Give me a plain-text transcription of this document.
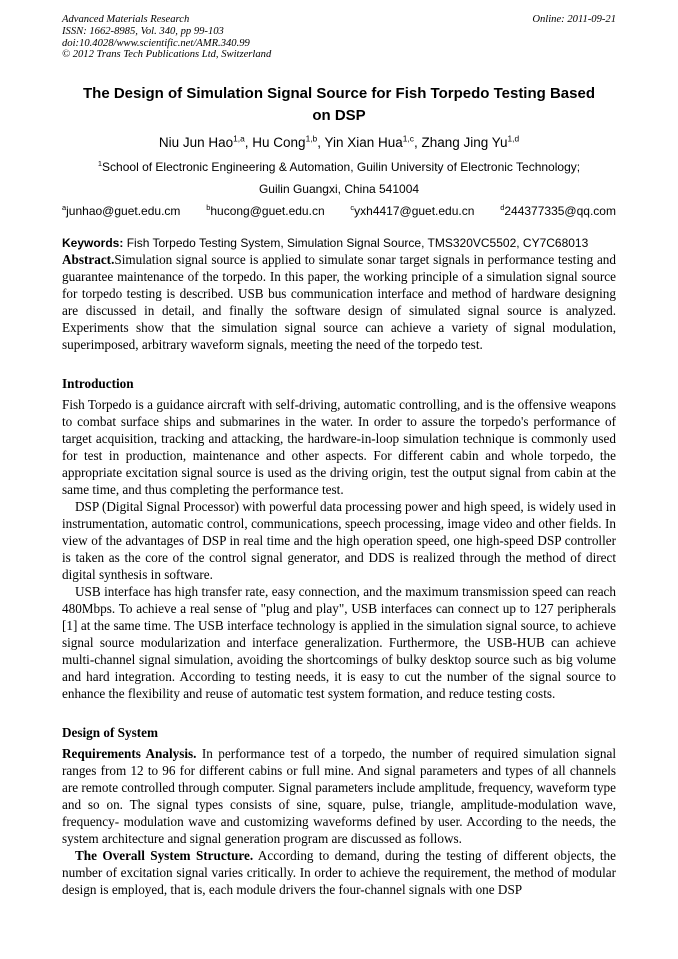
Advanced Materials Research	Online: 2011-09-21
ISSN: 1662-8985, Vol. 340, pp 99-103
doi:10.4028/www.scientific.net/AMR.340.99
© 2012 Trans Tech Publications Ltd, Switzerland
The Design of Simulation Signal Source for Fish Torpedo Testing Based
on DSP
Niu Jun Hao$^{1,a}$, Hu Cong$^{1,b}$, Yin Xian Hua$^{1,c}$, Zhang Jing Yu$^{1,d}$
$^1$School of Electronic Engineering & Automation, Guilin University of Electronic Technology;
Guilin Guangxi, China 541004
$^a$junhao@guet.edu.cm	$^b$hucong@guet.edu.cn	$^c$yxh4417@guet.edu.cn	$^d$244377335@qq.com
Keywords: Fish Torpedo Testing System, Simulation Signal Source, TMS320VC5502, CY7C68013

Abstract.Simulation signal source is applied to simulate sonar target signals in performance testing and guarantee maintenance of the torpedo. In this paper, the working principle of a simulation signal source for torpedo testing is described. USB bus communication interface and method of hardware designing are discussed in detail, and finally the software design of simulated signal source is analyzed. Experiments show that the simulation signal source can achieve a variety of signal modulation, superimposed, arbitrary waveform signals, meeting the need of the torpedo test.

Introduction

Fish Torpedo is a guidance aircraft with self-driving, automatic controlling, and is the offensive weapons to combat surface ships and submarines in the water. In order to assure the torpedo's performance of target acquisition, tracking and attacking, the hardware-in-loop simulation technique is commonly used for test in production, maintenance and other aspects. For different cabin and whole torpedo, the appropriate excitation signal source is used as the driving origin, test the output signal from cabin at the same time, and thus completing the performance test.

DSP (Digital Signal Processor) with powerful data processing power and high speed, is widely used in instrumentation, automatic control, communications, speech processing, image video and other fields. In view of the advantages of DSP in real time and the high operation speed, one high-speed DSP controller is taken as the core of the control signal generator, and DDS is realized through the method of direct digital synthesis in software.

USB interface has high transfer rate, easy connection, and the maximum transmission speed can reach 480Mbps. To achieve a real sense of "plug and play", USB interfaces can connect up to 127 peripherals [1] at the same time. The USB interface technology is applied in the simulation signal source, to achieve signal source modularization and interface generalization. Furthermore, the USB-HUB can achieve multi-channel signal simulation, avoiding the shortcomings of bulky desktop source such as big volume and hard integration. According to testing needs, it is easy to cut the number of the signal source to enhance the flexibility and reuse of automatic test system formation, and reduce testing costs.

Design of System

Requirements Analysis. In performance test of a torpedo, the number of required simulation signal ranges from 12 to 96 for different cabins or full mine. And signal parameters and types of all channels are remote controlled through computer. Signal parameters include amplitude, frequency, waveform type and so on. The signal types consists of sine, square, pulse, triangle, amplitude-modulation wave, frequency- modulation wave and customizing waveforms defined by user. According to the needs, the system architecture and signal generation program are discussed as follows.

The Overall System Structure. According to demand, during the testing of different objects, the number of excitation signal varies critically. In order to achieve the requirement, the method of modular design is employed, that is, each module drivers the four-channel signals with one DSP
